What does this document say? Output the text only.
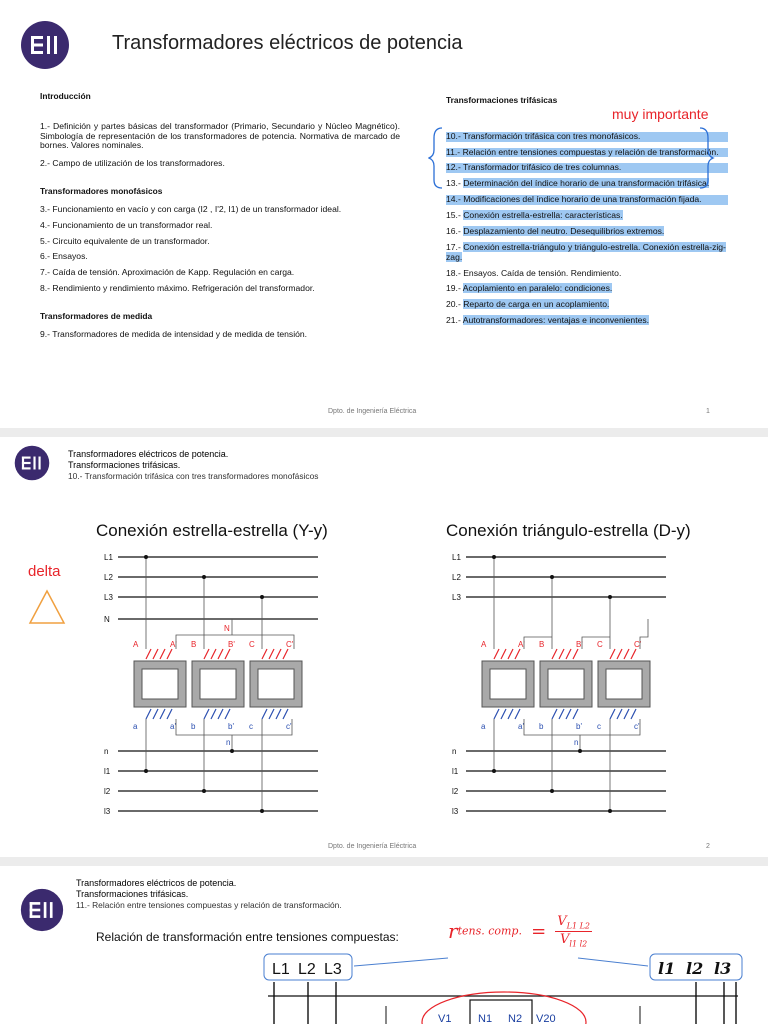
Transformadores eléctricos de potencia
Introducción
1.- Definición y partes básicas del transformador (Primario, Secundario y Núcleo Magnético). Simbología de representación de los transformadores de potencia. Normativa de marcado de bornes. Valores nominales.
2.- Campo de utilización de los transformadores.
Transformadores monofásicos
3.- Funcionamiento en vacío y con carga (I2 , I'2, I1) de un transformador ideal.
4.- Funcionamiento de un transformador real.
5.- Circuito equivalente de un transformador.
6.- Ensayos.
7.- Caída de tensión. Aproximación de Kapp. Regulación en carga.
8.- Rendimiento y rendimiento máximo. Refrigeración del transformador.
Transformadores de medida
9.- Transformadores de medida de intensidad y de medida de tensión.
Transformaciones trifásicas
10.- Transformación trifásica con tres monofásicos.
11.- Relación entre tensiones compuestas y relación de transformación.
12.- Transformador trifásico de tres columnas.
13.- Determinación del índice horario de una transformación trifásica.
14.- Modificaciones del índice horario de una transformación fijada.
15.- Conexión estrella-estrella: características.
16.- Desplazamiento del neutro. Desequilibrios extremos.
17.- Conexión estrella-triángulo y triángulo-estrella. Conexión estrella-zig-zag.
18.- Ensayos. Caída de tensión. Rendimiento.
19.- Acoplamiento en paralelo: condiciones.
20.- Reparto de carga en un acoplamiento.
21.- Autotransformadores: ventajas e inconvenientes.
muy importante
Dpto. de Ingeniería Eléctrica	1
Transformadores eléctricos de potencia.
Transformaciones trifásicas.
10.- Transformación trifásica con tres transformadores monofásicos
Conexión estrella-estrella (Y-y)	Conexión triángulo-estrella (D-y)
delta
L1
L2
L3
N
A	A'
a	a'
B	B'
b	b'
C	C'
c	c'
N
n
n
l1
l2
l3
L1
L2
L3
A	A'
a	a'
B	B'
b	b'
C	C'
c	c'
n
n
l1
l2
l3
Dpto. de Ingeniería Eléctrica	2
Transformadores eléctricos de potencia.
Transformaciones trifásicas.
11.- Relación entre tensiones compuestas y relación de transformación.
Relación de transformación entre tensiones compuestas: rtens. comp. = $\frac{V_{L1 L2}}{V_{l1 l2}}$
L1 L2 L3	l1 l2 l3
V1 N1 N2 V20
